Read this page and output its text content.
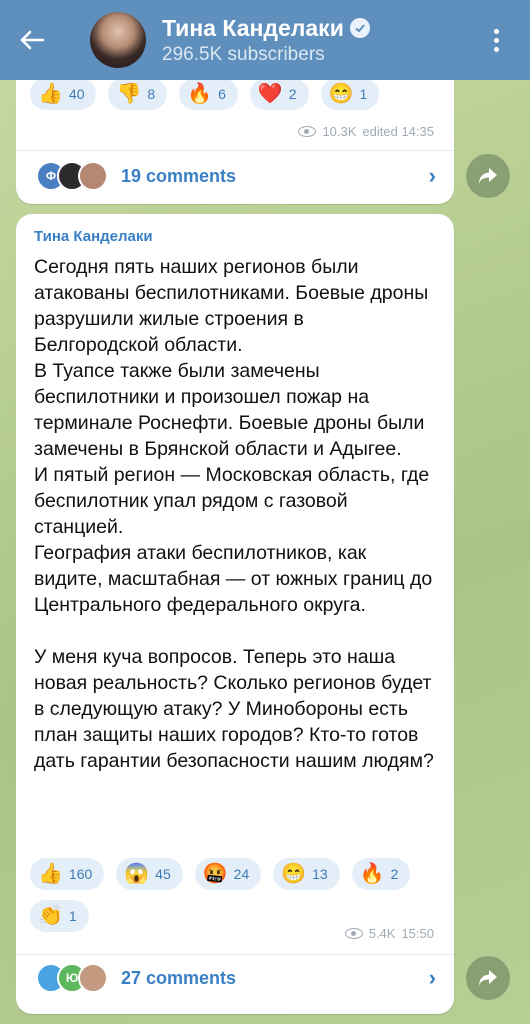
Тина Канделаки
296.5K subscribers
👍 40 👎 8 🔥 6 ❤️ 2 😁 1
10.3K edited 14:35
Ф	19 comments	›
Тина Канделаки
Сегодня пять наших регионов были атакованы беспилотниками. Боевые дроны разрушили жилые строения в Белгородской области.
В Туапсе также были замечены беспилотники и произошел пожар на терминале Роснефти. Боевые дроны были замечены в Брянской области и Адыгее.
И пятый регион — Московская область, где беспилотник упал рядом с газовой станцией.
География атаки беспилотников, как видите, масштабная — от южных границ до Центрального федерального округа.

У меня куча вопросов. Теперь это наша новая реальность? Сколько регионов будет в следующую атаку? У Минобороны есть план защиты наших городов? Кто-то готов дать гарантии безопасности нашим людям?
👍 160 😱 45 🤬 24 😁 13 🔥 2
👏 1
5.4K 15:50
Ю	27 comments	›
